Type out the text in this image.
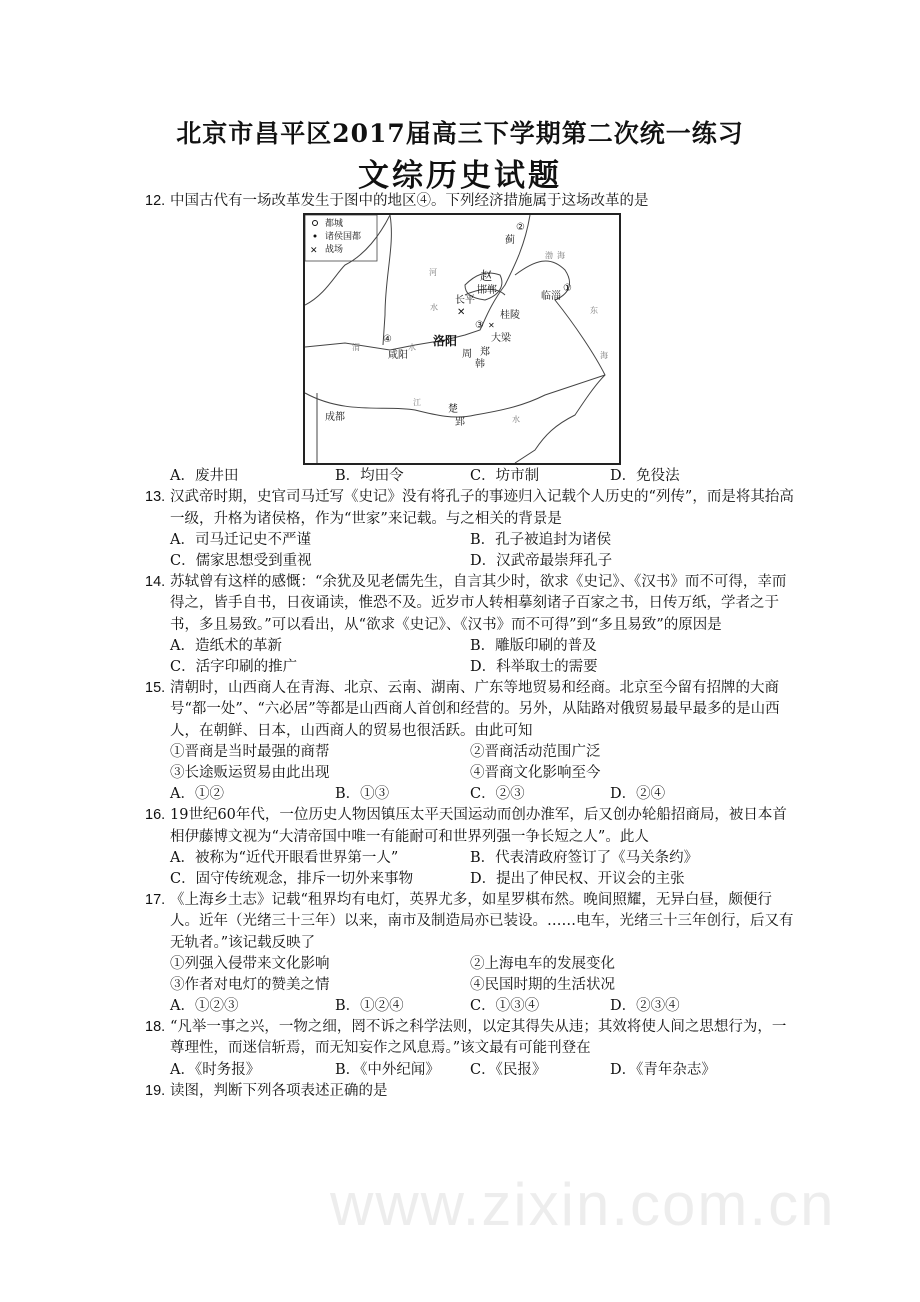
北京市昌平区2017届高三下学期第二次统一练习
文综历史试题
www.zixin.com.cn
12. 中国古代有一场改革发生于图中的地区④。下列经济措施属于这场改革的是
都城
诸侯国都
✕ 战场
蓟
②
赵
邯郸
长平
✕
临淄
①
桂陵
③ ✕
大梁
洛阳
周 郑
韩
④
咸阳
成都
楚
郢
渤 海
东
海
河
水
渭	水
江
水
A．废井田	B．均田令	C．坊市制	D．免役法
13. 汉武帝时期，史官司马迁写《史记》没有将孔子的事迹归入记载个人历史的“列传”，而是将其抬高一级，升格为诸侯格，作为“世家”来记载。与之相关的背景是
A．司马迁记史不严谨	B．孔子被追封为诸侯
C．儒家思想受到重视	D．汉武帝最崇拜孔子
14. 苏轼曾有这样的感慨：“余犹及见老儒先生，自言其少时，欲求《史记》、《汉书》而不可得，幸而得之，皆手自书，日夜诵读，惟恐不及。近岁市人转相摹刻诸子百家之书，日传万纸，学者之于书，多且易致。”可以看出，从“欲求《史记》、《汉书》而不可得”到“多且易致”的原因是
A．造纸术的革新	B．雕版印刷的普及
C．活字印刷的推广	D．科举取士的需要
15. 清朝时，山西商人在青海、北京、云南、湖南、广东等地贸易和经商。北京至今留有招牌的大商号“都一处”、“六必居”等都是山西商人首创和经营的。另外，从陆路对俄贸易最早最多的是山西人，在朝鲜、日本，山西商人的贸易也很活跃。由此可知
①晋商是当时最强的商帮	②晋商活动范围广泛
③长途贩运贸易由此出现	④晋商文化影响至今
A．①②	B．①③	C．②③	D．②④
16. 19世纪60年代，一位历史人物因镇压太平天国运动而创办淮军，后又创办轮船招商局，被日本首相伊藤博文视为“大清帝国中唯一有能耐可和世界列强一争长短之人”。此人
A．被称为“近代开眼看世界第一人”	B．代表清政府签订了《马关条约》
C．固守传统观念，排斥一切外来事物	D．提出了伸民权、开议会的主张
17. 《上海乡土志》记载“租界均有电灯，英界尤多，如星罗棋布然。晚间照耀，无异白昼，颇便行人。近年（光绪三十三年）以来，南市及制造局亦已装设。……电车，光绪三十三年创行，后又有无轨者。”该记载反映了
①列强入侵带来文化影响	②上海电车的发展变化
③作者对电灯的赞美之情	④民国时期的生活状况
A．①②③	B．①②④	C．①③④	D．②③④
18. “凡举一事之兴，一物之细，罔不诉之科学法则，以定其得失从违；其效将使人间之思想行为，一尊理性，而迷信斩焉，而无知妄作之风息焉。”该文最有可能刊登在
A．《时务报》	B．《中外纪闻》 C．《民报》	D．《青年杂志》
19. 读图，判断下列各项表述正确的是
